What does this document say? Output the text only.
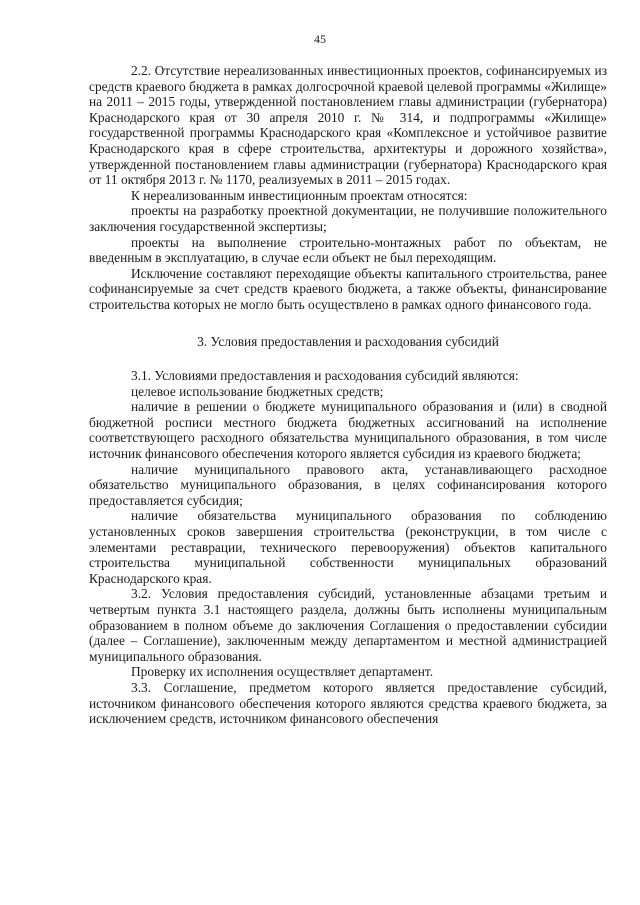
45

2.2. Отсутствие нереализованных инвестиционных проектов, софинансируемых из средств краевого бюджета в рамках долгосрочной краевой целевой программы «Жилище» на 2011 – 2015 годы, утвержденной постановлением главы администрации (губернатора) Краснодарского края от 30 апреля 2010 г. № 314, и подпрограммы «Жилище» государственной программы Краснодарского края «Комплексное и устойчивое развитие Краснодарского края в сфере строительства, архитектуры и дорожного хозяйства», утвержденной постановлением главы администрации (губернатора) Краснодарского края от 11 октября 2013 г. № 1170, реализуемых в 2011 – 2015 годах.

К нереализованным инвестиционным проектам относятся:

проекты на разработку проектной документации, не получившие положительного заключения государственной экспертизы;

проекты на выполнение строительно-монтажных работ по объектам, не введенным в эксплуатацию, в случае если объект не был переходящим.

Исключение составляют переходящие объекты капитального строительства, ранее софинансируемые за счет средств краевого бюджета, а также объекты, финансирование строительства которых не могло быть осуществлено в рамках одного финансового года.

3. Условия предоставления и расходования субсидий

3.1. Условиями предоставления и расходования субсидий являются:

целевое использование бюджетных средств;

наличие в решении о бюджете муниципального образования и (или) в сводной бюджетной росписи местного бюджета бюджетных ассигнований на исполнение соответствующего расходного обязательства муниципального образования, в том числе источник финансового обеспечения которого является субсидия из краевого бюджета;

наличие муниципального правового акта, устанавливающего расходное обязательство муниципального образования, в целях софинансирования которого предоставляется субсидия;

наличие обязательства муниципального образования по соблюдению установленных сроков завершения строительства (реконструкции, в том числе с элементами реставрации, технического перевооружения) объектов капитального строительства муниципальной собственности муниципальных образований Краснодарского края.

3.2. Условия предоставления субсидий, установленные абзацами третьим и четвертым пункта 3.1 настоящего раздела, должны быть исполнены муниципальным образованием в полном объеме до заключения Соглашения о предоставлении субсидии (далее – Соглашение), заключенным между департаментом и местной администрацией муниципального образования.

Проверку их исполнения осуществляет департамент.

3.3. Соглашение, предметом которого является предоставление субсидий, источником финансового обеспечения которого являются средства краевого бюджета, за исключением средств, источником финансового обеспечения
